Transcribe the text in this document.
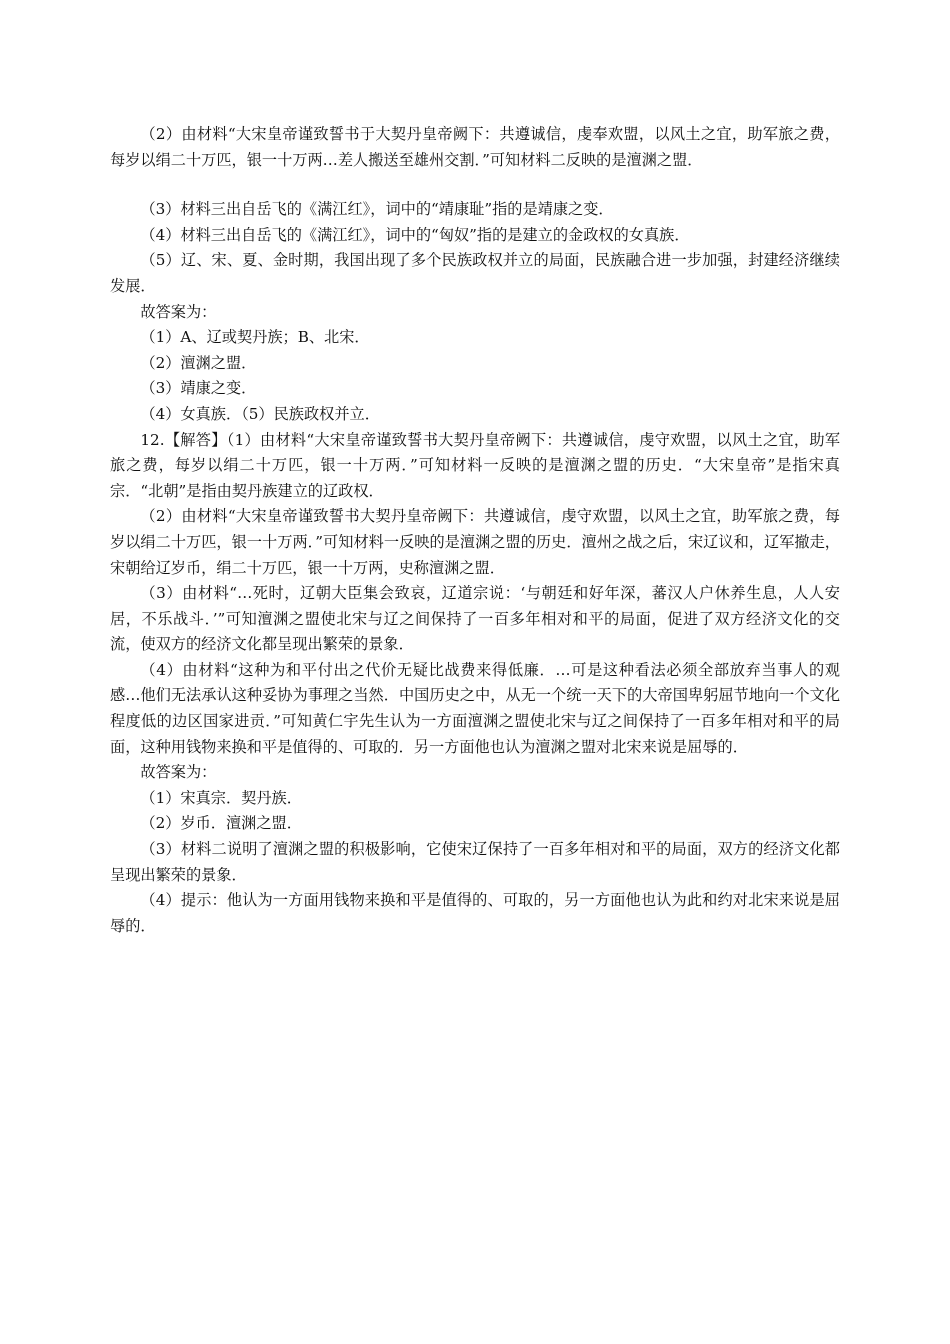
（2）由材料“大宋皇帝谨致誓书于大契丹皇帝阙下：共遵诚信，虔奉欢盟，以风土之宜，助军旅之费，每岁以绢二十万匹，银一十万两…差人搬送至雄州交割．”可知材料二反映的是澶渊之盟．

（3）材料三出自岳飞的《满江红》，词中的“靖康耻”指的是靖康之变．

（4）材料三出自岳飞的《满江红》，词中的“匈奴”指的是建立的金政权的女真族．

（5）辽、宋、夏、金时期，我国出现了多个民族政权并立的局面，民族融合进一步加强，封建经济继续发展．

故答案为：

（1）A、辽或契丹族；B、北宋．

（2）澶渊之盟．

（3）靖康之变．

（4）女真族．（5）民族政权并立．

12.【解答】（1）由材料“大宋皇帝谨致誓书大契丹皇帝阙下：共遵诚信，虔守欢盟，以风土之宜，助军旅之费，每岁以绢二十万匹，银一十万两．”可知材料一反映的是澶渊之盟的历史．“大宋皇帝”是指宋真宗．“北朝”是指由契丹族建立的辽政权．

（2）由材料“大宋皇帝谨致誓书大契丹皇帝阙下：共遵诚信，虔守欢盟，以风土之宜，助军旅之费，每岁以绢二十万匹，银一十万两．”可知材料一反映的是澶渊之盟的历史．澶州之战之后，宋辽议和，辽军撤走，宋朝给辽岁币，绢二十万匹，银一十万两，史称澶渊之盟．

（3）由材料“…死时，辽朝大臣集会致哀，辽道宗说：‘与朝廷和好年深，蕃汉人户休养生息，人人安居，不乐战斗．’”可知澶渊之盟使北宋与辽之间保持了一百多年相对和平的局面，促进了双方经济文化的交流，使双方的经济文化都呈现出繁荣的景象．

（4）由材料“这种为和平付出之代价无疑比战费来得低廉．…可是这种看法必须全部放弃当事人的观感…他们无法承认这种妥协为事理之当然．中国历史之中，从无一个统一天下的大帝国卑躬屈节地向一个文化程度低的边区国家进贡．”可知黄仁宇先生认为一方面澶渊之盟使北宋与辽之间保持了一百多年相对和平的局面，这种用钱物来换和平是值得的、可取的．另一方面他也认为澶渊之盟对北宋来说是屈辱的．

故答案为：

（1）宋真宗．契丹族．

（2）岁币．澶渊之盟．

（3）材料二说明了澶渊之盟的积极影响，它使宋辽保持了一百多年相对和平的局面，双方的经济文化都呈现出繁荣的景象．

（4）提示：他认为一方面用钱物来换和平是值得的、可取的，另一方面他也认为此和约对北宋来说是屈辱的．
